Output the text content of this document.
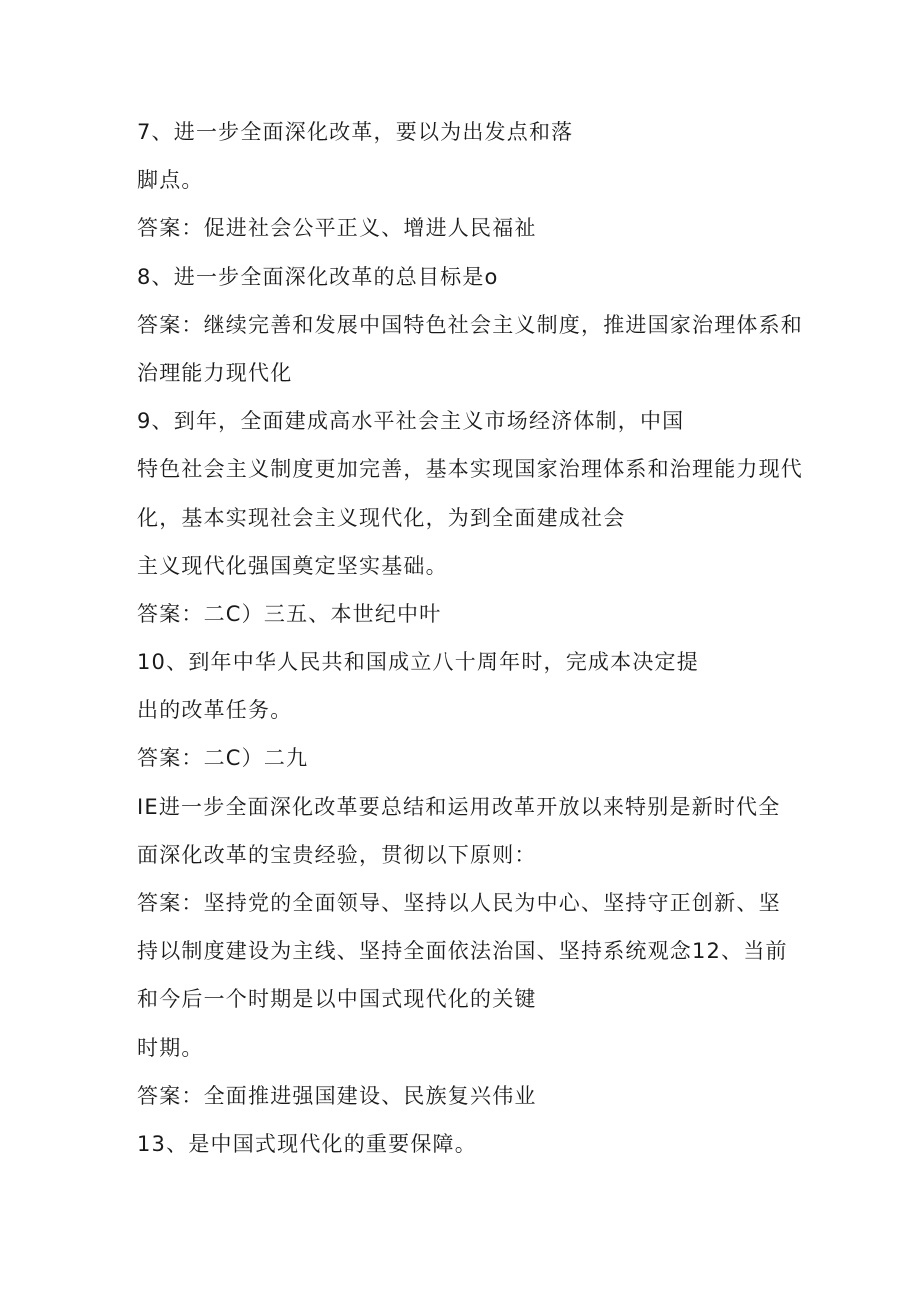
7、进一步全面深化改革，要以为出发点和落
脚点。
答案：促进社会公平正义、增进人民福祉
8、进一步全面深化改革的总目标是o
答案：继续完善和发展中国特色社会主义制度，推进国家治理体系和
治理能力现代化
9、到年，全面建成高水平社会主义市场经济体制，中国
特色社会主义制度更加完善，基本实现国家治理体系和治理能力现代
化，基本实现社会主义现代化，为到全面建成社会
主义现代化强国奠定坚实基础。
答案：二C）三五、本世纪中叶
10、到年中华人民共和国成立八十周年时，完成本决定提
出的改革任务。
答案：二C）二九
IE进一步全面深化改革要总结和运用改革开放以来特别是新时代全
面深化改革的宝贵经验，贯彻以下原则：
答案：坚持党的全面领导、坚持以人民为中心、坚持守正创新、坚
持以制度建设为主线、坚持全面依法治国、坚持系统观念12、当前
和今后一个时期是以中国式现代化的关键
时期。
答案：全面推进强国建设、民族复兴伟业
13、是中国式现代化的重要保障。
